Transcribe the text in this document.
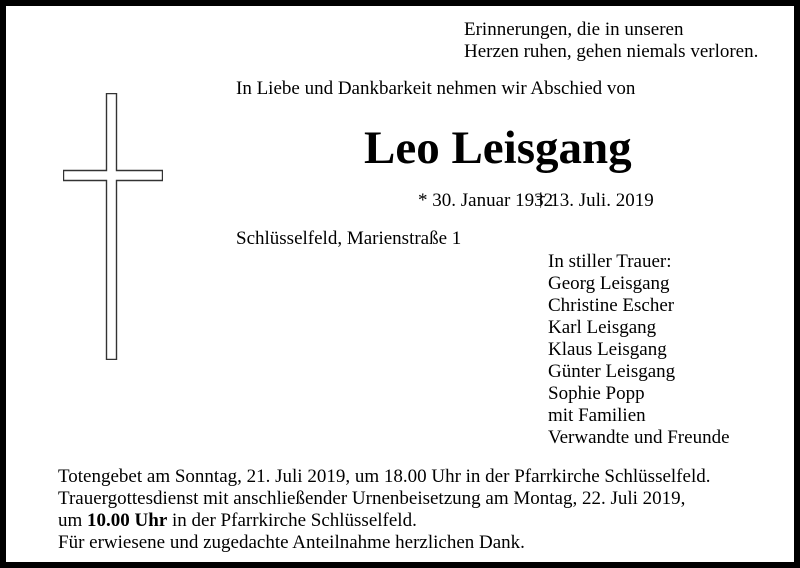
Erinnerungen, die in unseren
Herzen ruhen, gehen niemals verloren.
In Liebe und Dankbarkeit nehmen wir Abschied von
Leo Leisgang
* 30. Januar 1932
† 13. Juli. 2019
Schlüsselfeld, Marienstraße 1
In stiller Trauer:
Georg Leisgang
Christine Escher
Karl Leisgang
Klaus Leisgang
Günter Leisgang
Sophie Popp
mit Familien
Verwandte und Freunde
Totengebet am Sonntag, 21. Juli 2019, um 18.00 Uhr in der Pfarrkirche Schlüsselfeld.
Trauergottesdienst mit anschließender Urnenbeisetzung am Montag, 22. Juli 2019,
um 10.00 Uhr in der Pfarrkirche Schlüsselfeld.
Für erwiesene und zugedachte Anteilnahme herzlichen Dank.
